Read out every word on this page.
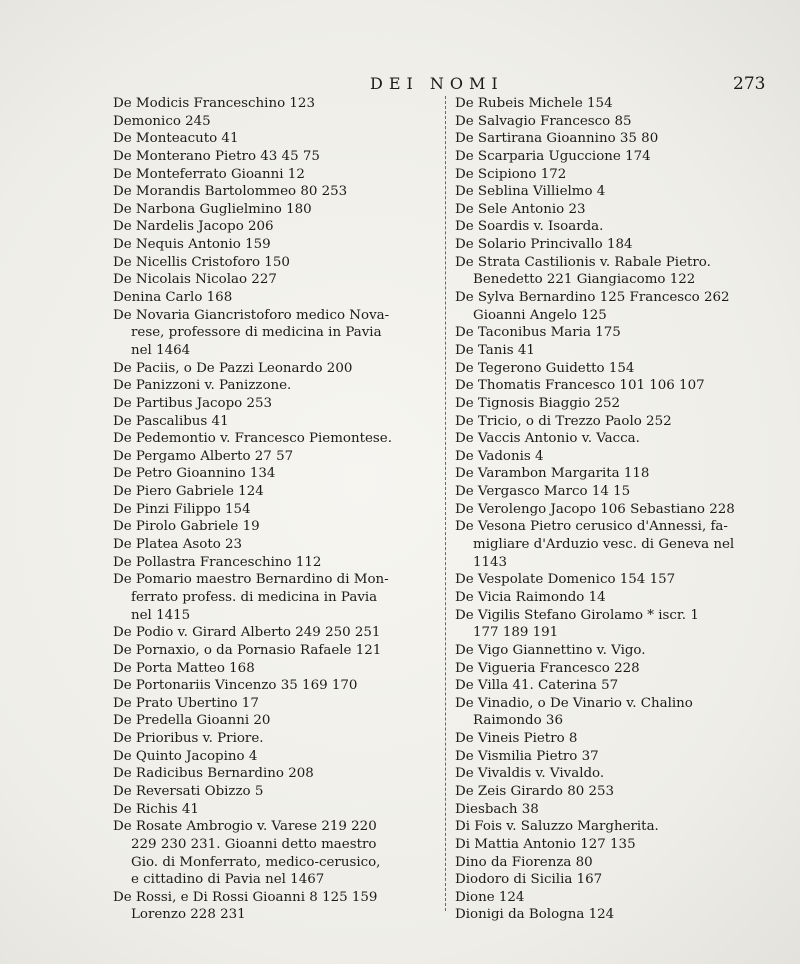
DEI NOMI	273
De Modicis Franceschino 123
Demonico 245
De Monteacuto 41
De Monterano Pietro 43 45 75
De Monteferrato Gioanni 12
De Morandis Bartolommeo 80 253
De Narbona Guglielmino 180
De Nardelis Jacopo 206
De Nequis Antonio 159
De Nicellis Cristoforo 150
De Nicolais Nicolao 227
Denina Carlo 168
De Novaria Giancristoforo medico Nova-
rese, professore di medicina in Pavia
nel 1464
De Paciis, o De Pazzi Leonardo 200
De Panizzoni v. Panizzone.
De Partibus Jacopo 253
De Pascalibus 41
De Pedemontio v. Francesco Piemontese.
De Pergamo Alberto 27 57
De Petro Gioannino 134
De Piero Gabriele 124
De Pinzi Filippo 154
De Pirolo Gabriele 19
De Platea Asoto 23
De Pollastra Franceschino 112
De Pomario maestro Bernardino di Mon-
ferrato profess. di medicina in Pavia
nel 1415
De Podio v. Girard Alberto 249 250 251
De Pornaxio, o da Pornasio Rafaele 121
De Porta Matteo 168
De Portonariis Vincenzo 35 169 170
De Prato Ubertino 17
De Predella Gioanni 20
De Prioribus v. Priore.
De Quinto Jacopino 4
De Radicibus Bernardino 208
De Reversati Obizzo 5
De Richis 41
De Rosate Ambrogio v. Varese 219 220
229 230 231. Gioanni detto maestro
Gio. di Monferrato, medico-cerusico,
e cittadino di Pavia nel 1467
De Rossi, e Di Rossi Gioanni 8 125 159
Lorenzo 228 231
De Rubeis Michele 154
De Salvagio Francesco 85
De Sartirana Gioannino 35 80
De Scarparia Uguccione 174
De Scipiono 172
De Seblina Villielmo 4
De Sele Antonio 23
De Soardis v. Isoarda.
De Solario Princivallo 184
De Strata Castilionis v. Rabale Pietro.
Benedetto 221 Giangiacomo 122
De Sylva Bernardino 125 Francesco 262
Gioanni Angelo 125
De Taconibus Maria 175
De Tanis 41
De Tegerono Guidetto 154
De Thomatis Francesco 101 106 107
De Tignosis Biaggio 252
De Tricio, o di Trezzo Paolo 252
De Vaccis Antonio v. Vacca.
De Vadonis 4
De Varambon Margarita 118
De Vergasco Marco 14 15
De Verolengo Jacopo 106 Sebastiano 228
De Vesona Pietro cerusico d'Annessi, fa-
migliare d'Arduzio vesc. di Geneva nel
1143
De Vespolate Domenico 154 157
De Vicia Raimondo 14
De Vigilis Stefano Girolamo * iscr. 1
177 189 191
De Vigo Giannettino v. Vigo.
De Vigueria Francesco 228
De Villa 41. Caterina 57
De Vinadio, o De Vinario v. Chalino
Raimondo 36
De Vineis Pietro 8
De Vismilia Pietro 37
De Vivaldis v. Vivaldo.
De Zeis Girardo 80 253
Diesbach 38
Di Fois v. Saluzzo Margherita.
Di Mattia Antonio 127 135
Dino da Fiorenza 80
Diodoro di Sicilia 167
Dione 124
Dionigi da Bologna 124
